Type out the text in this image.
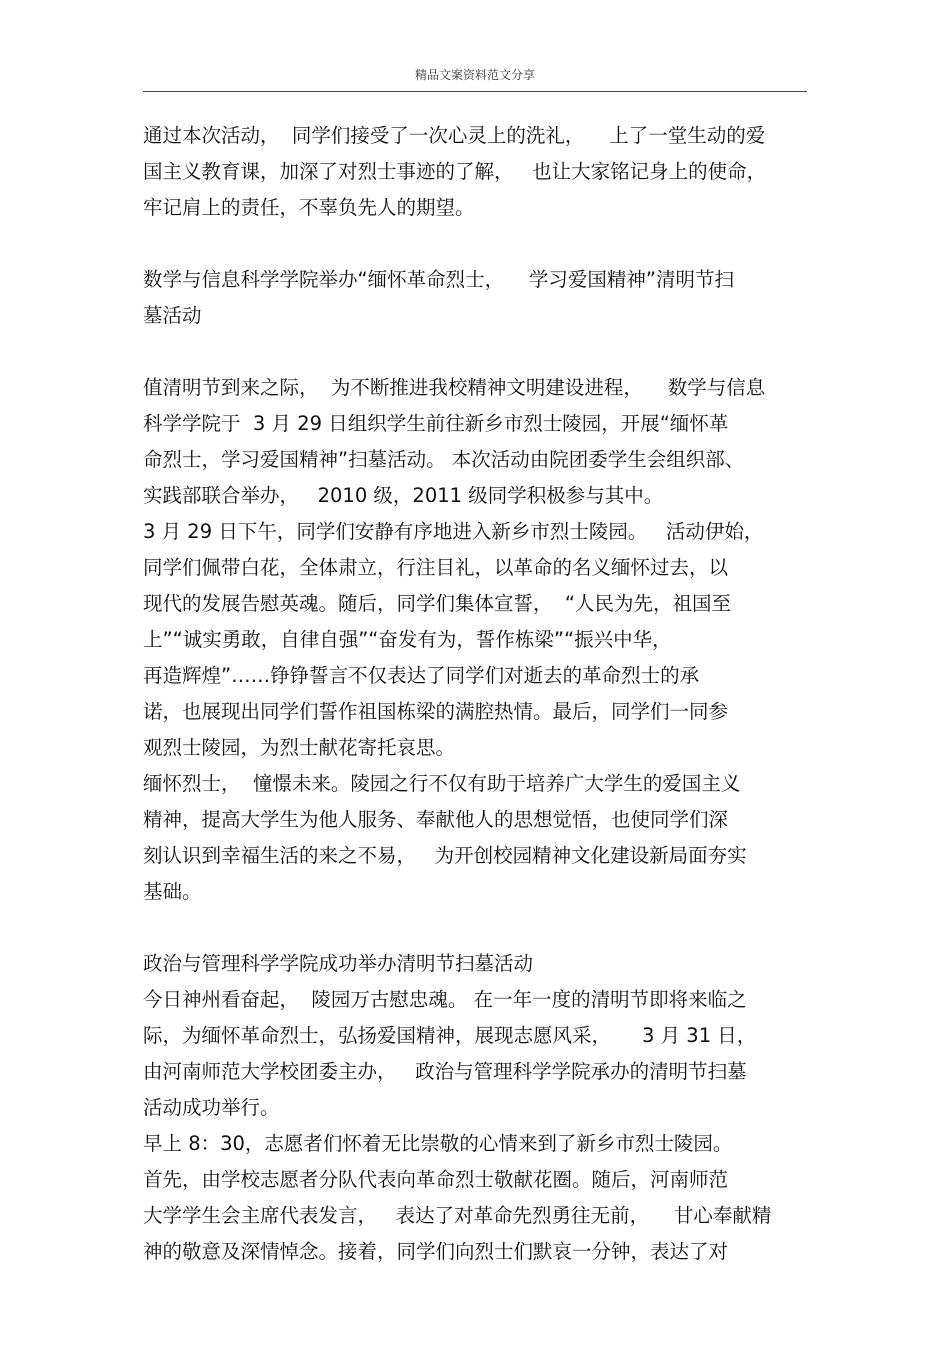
精品文案资料范文分享
通过本次活动，  同学们接受了一次心灵上的洗礼，    上了一堂生动的爱
国主义教育课，加深了对烈士事迹的了解，   也让大家铭记身上的使命，
牢记肩上的责任，不辜负先人的期望。
数学与信息科学学院举办“缅怀革命烈士，    学习爱国精神”清明节扫
墓活动
值清明节到来之际，  为不断推进我校精神文明建设进程，    数学与信息
科学学院于  3 月 29 日组织学生前往新乡市烈士陵园，开展“缅怀革
命烈士，学习爱国精神”扫墓活动。 本次活动由院团委学生会组织部、
实践部联合举办，   2010 级，2011 级同学积极参与其中。
3 月 29 日下午，同学们安静有序地进入新乡市烈士陵园。   活动伊始，
同学们佩带白花，全体肃立，行注目礼，以革命的名义缅怀过去，以
现代的发展告慰英魂。随后，同学们集体宣誓，  “人民为先，祖国至
上”“诚实勇敢，自律自强”“奋发有为，誓作栋梁”“振兴中华，
再造辉煌”……铮铮誓言不仅表达了同学们对逝去的革命烈士的承
诺，也展现出同学们誓作祖国栋梁的满腔热情。最后，同学们一同参
观烈士陵园，为烈士献花寄托哀思。
缅怀烈士，  憧憬未来。陵园之行不仅有助于培养广大学生的爱国主义
精神，提高大学生为他人服务、奉献他人的思想觉悟，也使同学们深
刻认识到幸福生活的来之不易，   为开创校园精神文化建设新局面夯实
基础。
政治与管理科学学院成功举办清明节扫墓活动
今日神州看奋起，  陵园万古慰忠魂。 在一年一度的清明节即将来临之
际，为缅怀革命烈士，弘扬爱国精神，展现志愿风采，     3 月 31 日，
由河南师范大学校团委主办，   政治与管理科学学院承办的清明节扫墓
活动成功举行。
早上 8：30，志愿者们怀着无比崇敬的心情来到了新乡市烈士陵园。
首先，由学校志愿者分队代表向革命烈士敬献花圈。随后，河南师范
大学学生会主席代表发言，   表达了对革命先烈勇往无前，    甘心奉献精
神的敬意及深情悼念。接着，同学们向烈士们默哀一分钟，表达了对
